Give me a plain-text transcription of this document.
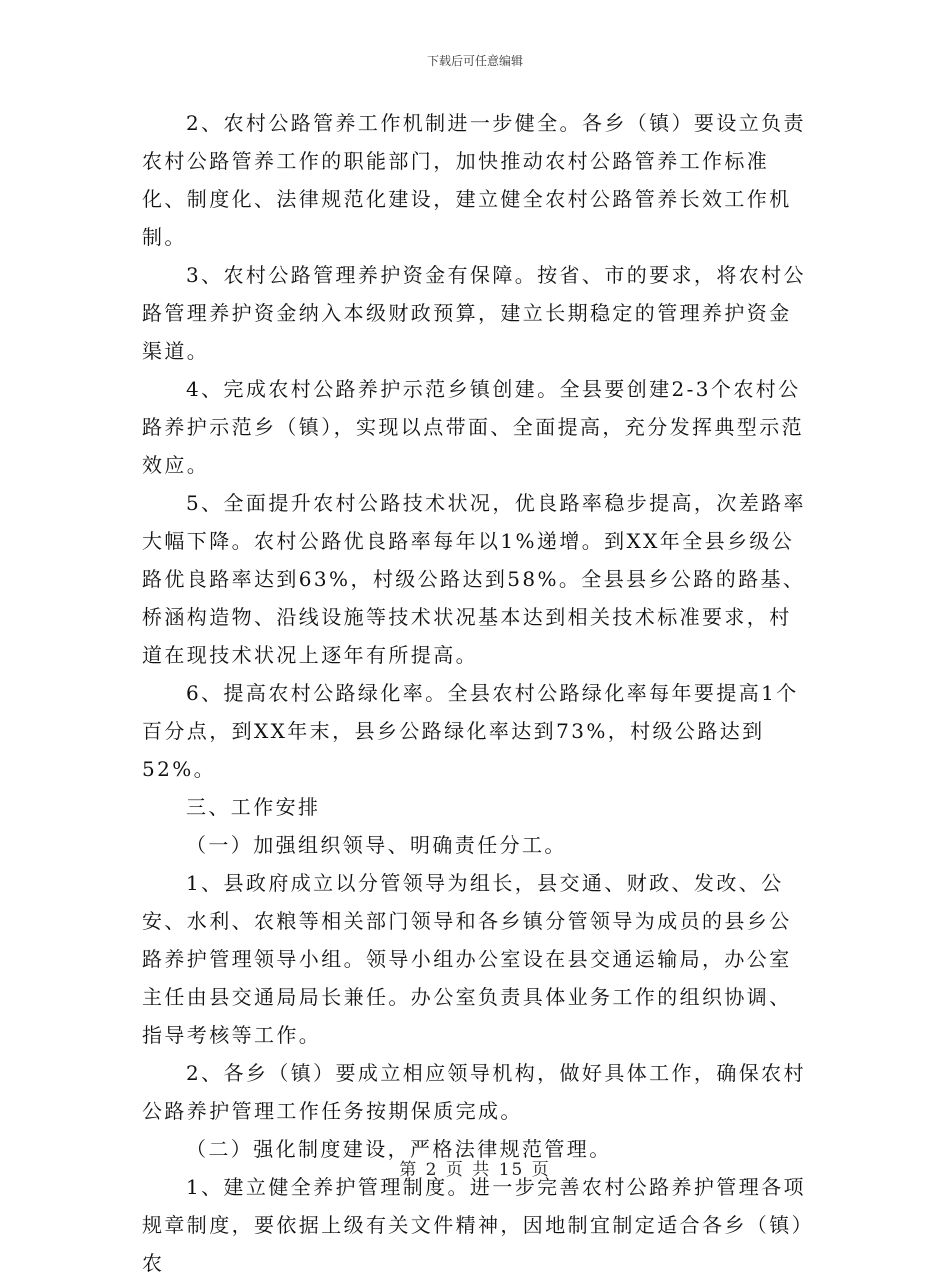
下载后可任意编辑

2、农村公路管养工作机制进一步健全。各乡（镇）要设立负责农村公路管养工作的职能部门，加快推动农村公路管养工作标准化、制度化、法律规范化建设，建立健全农村公路管养长效工作机制。

3、农村公路管理养护资金有保障。按省、市的要求，将农村公路管理养护资金纳入本级财政预算，建立长期稳定的管理养护资金渠道。

4、完成农村公路养护示范乡镇创建。全县要创建2-3个农村公路养护示范乡（镇），实现以点带面、全面提高，充分发挥典型示范效应。

5、全面提升农村公路技术状况，优良路率稳步提高，次差路率大幅下降。农村公路优良路率每年以1%递增。到XX年全县乡级公路优良路率达到63%，村级公路达到58%。全县县乡公路的路基、桥涵构造物、沿线设施等技术状况基本达到相关技术标准要求，村道在现技术状况上逐年有所提高。

6、提高农村公路绿化率。全县农村公路绿化率每年要提高1个百分点，到XX年末，县乡公路绿化率达到73%，村级公路达到52%。

三、工作安排

（一）加强组织领导、明确责任分工。

1、县政府成立以分管领导为组长，县交通、财政、发改、公安、水利、农粮等相关部门领导和各乡镇分管领导为成员的县乡公路养护管理领导小组。领导小组办公室设在县交通运输局，办公室主任由县交通局局长兼任。办公室负责具体业务工作的组织协调、指导考核等工作。

2、各乡（镇）要成立相应领导机构，做好具体工作，确保农村公路养护管理工作任务按期保质完成。

（二）强化制度建设，严格法律规范管理。

1、建立健全养护管理制度。进一步完善农村公路养护管理各项规章制度，要依据上级有关文件精神，因地制宜制定适合各乡（镇）农

第 2 页 共 15 页
